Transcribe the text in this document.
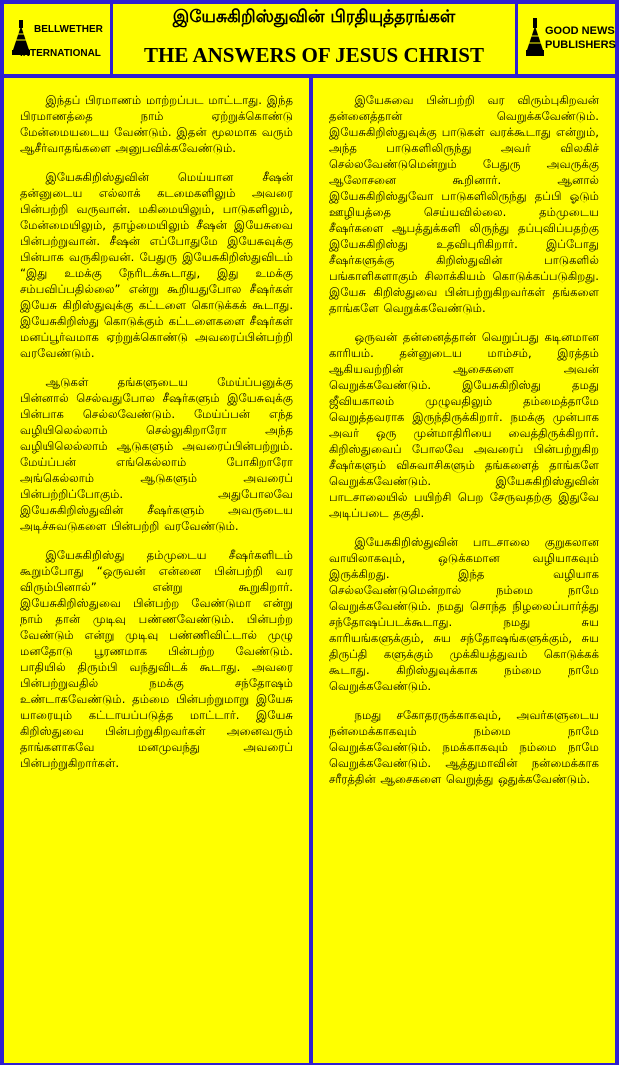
BELLWETHER
INTERNATIONAL
இயேசுகிறிஸ்துவின் பிரதியுத்தரங்கள்
THE ANSWERS OF JESUS CHRIST
GOOD NEWS
PUBLISHERS

இந்தப் பிரமாணம் மாற்றப்பட மாட்டாது. இந்த பிரமாணத்தை நாம் ஏற்றுக்கொண்டு மேன்மையடைய வேண்டும். இதன் மூலமாக வரும் ஆசீர்வாதங்களை அனுபவிக்கவேண்டும்.

இயேசுகிறிஸ்துவின் மெய்யான சீஷன் தன்னுடைய எல்லாக் கடமைகளிலும் அவரை பின்பற்றி வருவான். மகிமையிலும், பாடுகளிலும், மேன்மையிலும், தாழ்மையிலும் சீஷன் இயேசுவை பின்பற்றுவான். சீஷன் எப்போதுமே இயேசுவுக்கு பின்பாக வருகிறவன். பேதுரு இயேசுகிறிஸ்துவிடம் “இது உமக்கு நேரிடக்கூடாது, இது உமக்கு சம்பவிப்பதில்லை” என்று கூறியதுபோல சீஷர்கள் இயேசு கிறிஸ்துவுக்கு கட்டளை கொடுக்கக் கூடாது. இயேசுகிறிஸ்து கொடுக்கும் கட்டளைகளை சீஷர்கள் மனப்பூர்வமாக ஏற்றுக்கொண்டு அவரைப்பின்பற்றி வரவேண்டும்.

ஆடுகள் தங்களுடைய மேய்ப்பனுக்கு பின்னால் செல்வதுபோல சீஷர்களும் இயேசுவுக்கு பின்பாக செல்லவேண்டும். மேய்ப்பன் எந்த வழியிலெல்லாம் செல்லுகிறாரோ அந்த வழியிலெல்லாம் ஆடுகளும் அவரைப்பின்பற்றும். மேய்ப்பன் எங்கெல்லாம் போகிறாரோ அங்கெல்லாம் ஆடுகளும் அவரைப் பின்பற்றிப்போகும். அதுபோலவே இயேசுகிறிஸ்துவின் சீஷர்களும் அவருடைய அடிச்சுவடுகளை பின்பற்றி வரவேண்டும்.

இயேசுகிறிஸ்து தம்முடைய சீஷர்களிடம் கூறும்போது “ஒருவன் என்னை பின்பற்றி வர விரும்பினால்” என்று கூறுகிறார். இயேசுகிறிஸ்துவை பின்பற்ற வேண்டுமா என்று நாம் தான் முடிவு பண்ணவேண்டும். பின்பற்ற வேண்டும் என்று முடிவு பண்ணிவிட்டால் முழு மனதோடு பூரணமாக பின்பற்ற வேண்டும். பாதியில் திரும்பி வந்துவிடக் கூடாது. அவரை பின்பற்றுவதில் நமக்கு சந்தோஷம் உண்டாகவேண்டும். தம்மை பின்பற்றுமாறு இயேசு யாரையும் கட்டாயப்படுத்த மாட்டார். இயேசு கிறிஸ்துவை பின்பற்றுகிறவர்கள் அனைவரும் தாங்களாகவே மனமுவந்து அவரைப் பின்பற்றுகிறார்கள்.

இயேசுவை பின்பற்றி வர விரும்புகிறவன் தன்னைத்தான் வெறுக்கவேண்டும். இயேசுகிறிஸ்துவுக்கு பாடுகள் வரக்கூடாது என்றும், அந்த பாடுகளிலிருந்து அவர் விலகிச் செல்லவேண்டுமென்றும் பேதுரு அவருக்கு ஆலோசனை கூறினார். ஆனால் இயேசுகிறிஸ்துவோ பாடுகளிலிருந்து தப்பி ஓடும் ஊழியத்தை செய்யவில்லை. தம்முடைய சீஷர்களை ஆபத்துக்களி லிருந்து தப்புவிப்பதற்கு இயேசுகிறிஸ்து உதவிபுரிகிறார். இப்போது சீஷர்களுக்கு கிறிஸ்துவின் பாடுகளில் பங்காளிகளாகும் சிலாக்கியம் கொடுக்கப்படுகிறது. இயேசு கிறிஸ்துவை பின்பற்றுகிறவர்கள் தங்களை தாங்களே வெறுக்கவேண்டும்.

ஒருவன் தன்னைத்தான் வெறுப்பது கடினமான காரியம். தன்னுடைய மாம்சம், இரத்தம் ஆகியவற்றின் ஆசைகளை அவன் வெறுக்கவேண்டும். இயேசுகிறிஸ்து தமது ஜீவியகாலம் முழுவதிலும் தம்மைத்தாமே வெறுத்தவராக இருந்திருக்கிறார். நமக்கு முன்பாக அவர் ஒரு முன்மாதிரியை வைத்திருக்கிறார். கிறிஸ்துவைப் போலவே அவரைப் பின்பற்றுகிற சீஷர்களும் விசுவாசிகளும் தங்களைத் தாங்களே வெறுக்கவேண்டும். இயேசுகிறிஸ்துவின் பாடசாலையில் பயிற்சி பெற சேருவதற்கு இதுவே அடிப்படை தகுதி.

இயேசுகிறிஸ்துவின் பாடசாலை குறுகலான வாயிலாகவும், ஒடுக்கமான வழியாகவும் இருக்கிறது. இந்த வழியாக செல்லவேண்டுமென்றால் நம்மை நாமே வெறுக்கவேண்டும். நமது சொந்த நிழலைப்பார்த்து சந்தோஷப்படக்கூடாது. நமது சுய காரியங்களுக்கும், சுய சந்தோஷங்களுக்கும், சுய திருப்தி களுக்கும் முக்கியத்துவம் கொடுக்கக் கூடாது. கிறிஸ்துவுக்காக நம்மை நாமே வெறுக்கவேண்டும்.

நமது சகோதரருக்காகவும், அவர்களுடைய நன்மைக்காகவும் நம்மை நாமே வெறுக்கவேண்டும். நமக்காகவும் நம்மை நாமே வெறுக்கவேண்டும். ஆத்துமாவின் நன்மைக்காக சரீரத்தின் ஆசைகளை வெறுத்து ஒதுக்கவேண்டும்.
